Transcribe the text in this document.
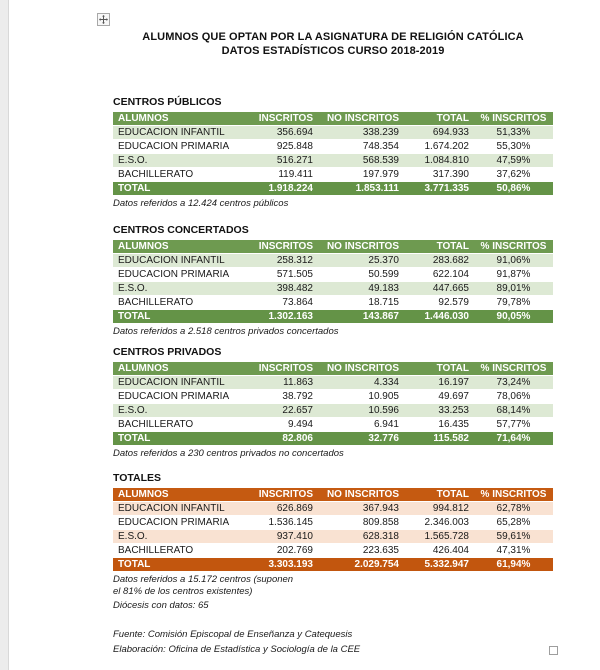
ALUMNOS QUE OPTAN POR LA ASIGNATURA DE RELIGIÓN CATÓLICA
DATOS ESTADÍSTICOS CURSO 2018-2019
CENTROS PÚBLICOS
ALUMNOS	INSCRITOS	NO INSCRITOS	TOTAL	% INSCRITOS
EDUCACION INFANTIL	356.694	338.239	694.933	51,33%
EDUCACION PRIMARIA	925.848	748.354	1.674.202	55,30%
E.S.O.	516.271	568.539	1.084.810	47,59%
BACHILLERATO	119.411	197.979	317.390	37,62%
TOTAL	1.918.224	1.853.111	3.771.335	50,86%
Datos referidos a 12.424 centros públicos
CENTROS CONCERTADOS
ALUMNOS	INSCRITOS	NO INSCRITOS	TOTAL	% INSCRITOS
EDUCACION INFANTIL	258.312	25.370	283.682	91,06%
EDUCACION PRIMARIA	571.505	50.599	622.104	91,87%
E.S.O.	398.482	49.183	447.665	89,01%
BACHILLERATO	73.864	18.715	92.579	79,78%
TOTAL	1.302.163	143.867	1.446.030	90,05%
Datos referidos a 2.518 centros privados concertados
CENTROS PRIVADOS
ALUMNOS	INSCRITOS	NO INSCRITOS	TOTAL	% INSCRITOS
EDUCACION INFANTIL	11.863	4.334	16.197	73,24%
EDUCACION PRIMARIA	38.792	10.905	49.697	78,06%
E.S.O.	22.657	10.596	33.253	68,14%
BACHILLERATO	9.494	6.941	16.435	57,77%
TOTAL	82.806	32.776	115.582	71,64%
Datos referidos a 230 centros privados no concertados
TOTALES
ALUMNOS	INSCRITOS	NO INSCRITOS	TOTAL	% INSCRITOS
EDUCACION INFANTIL	626.869	367.943	994.812	62,78%
EDUCACION PRIMARIA	1.536.145	809.858	2.346.003	65,28%
E.S.O.	937.410	628.318	1.565.728	59,61%
BACHILLERATO	202.769	223.635	426.404	47,31%
TOTAL	3.303.193	2.029.754	5.332.947	61,94%
Datos referidos a 15.172 centros (suponen
el 81% de los centros existentes)
Diócesis con datos: 65
Fuente: Comisión Episcopal de Enseñanza y Catequesis
Elaboración: Oficina de Estadística y Sociología de la CEE
